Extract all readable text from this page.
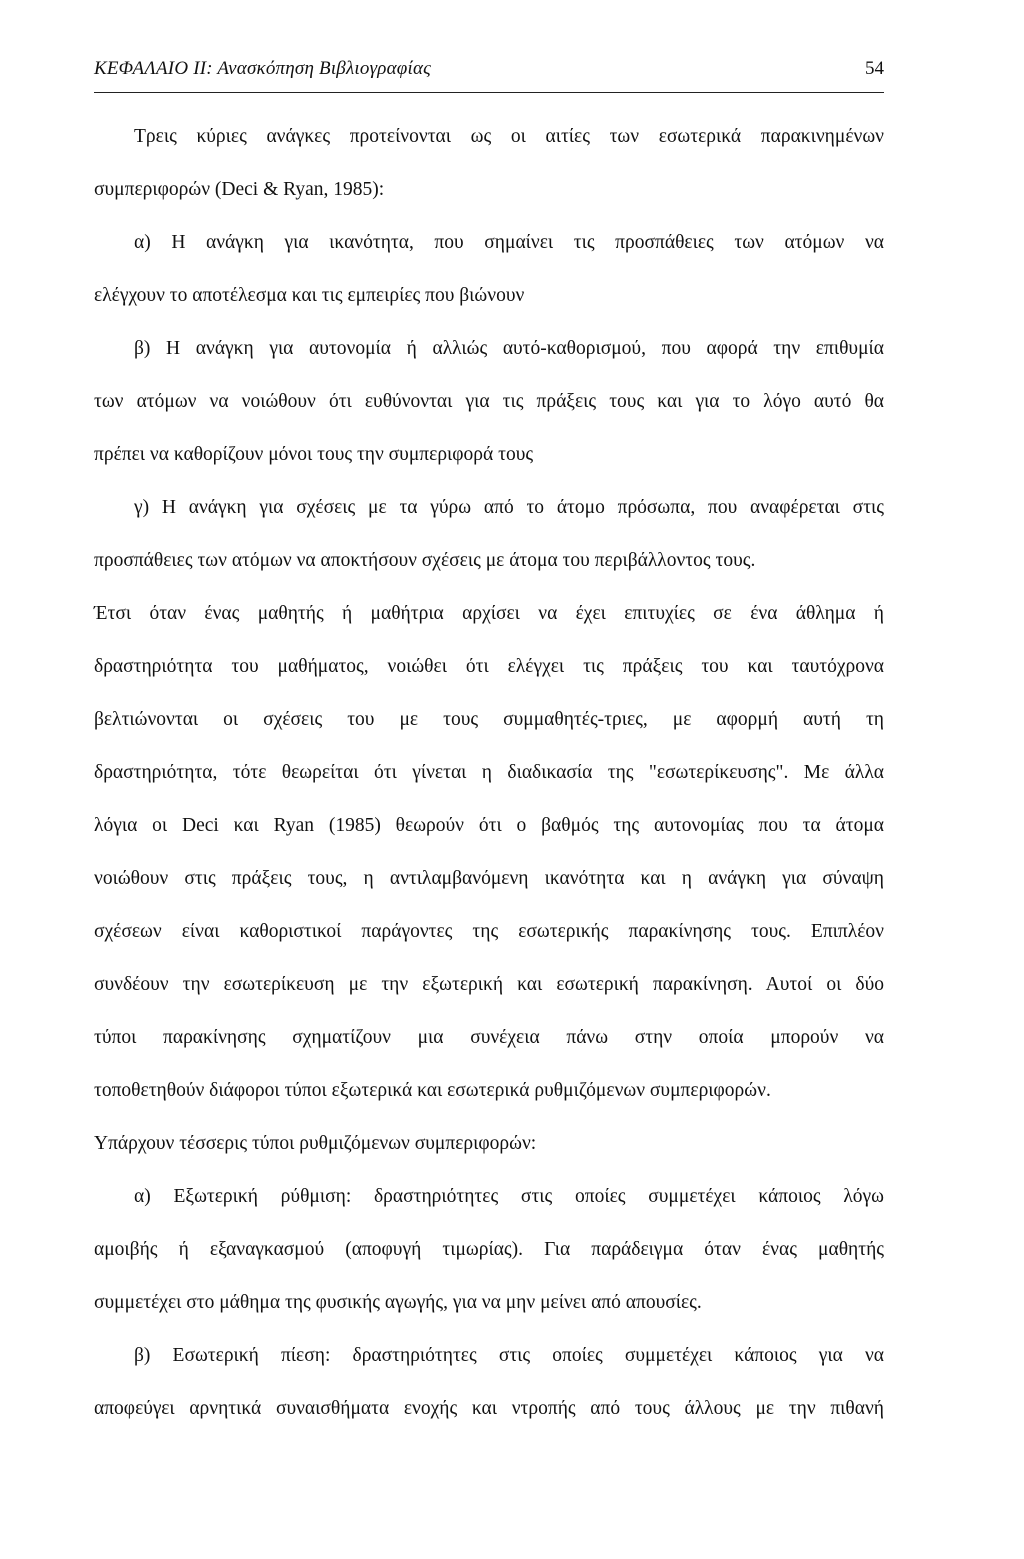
ΚΕΦΑΛΑΙΟ ΙΙ: Ανασκόπηση Βιβλιογραφίας	54
Τρεις κύριες ανάγκες προτείνονται ως οι αιτίες των εσωτερικά παρακινημένων
συμπεριφορών (Deci & Ryan, 1985):
α) Η ανάγκη για ικανότητα, που σημαίνει τις προσπάθειες των ατόμων να
ελέγχουν το αποτέλεσμα και τις εμπειρίες που βιώνουν
β) Η ανάγκη για αυτονομία ή αλλιώς αυτό-καθορισμού, που αφορά την επιθυμία
των ατόμων να νοιώθουν ότι ευθύνονται για τις πράξεις τους και για το λόγο αυτό θα
πρέπει να καθορίζουν μόνοι τους την συμπεριφορά τους
γ) Η ανάγκη για σχέσεις με τα γύρω από το άτομο πρόσωπα, που αναφέρεται στις
προσπάθειες των ατόμων να αποκτήσουν σχέσεις με άτομα του περιβάλλοντος τους.
Έτσι όταν ένας μαθητής ή μαθήτρια αρχίσει να έχει επιτυχίες σε ένα άθλημα ή
δραστηριότητα του μαθήματος, νοιώθει ότι ελέγχει τις πράξεις του και ταυτόχρονα
βελτιώνονται οι σχέσεις του με τους συμμαθητές-τριες, με αφορμή αυτή τη
δραστηριότητα, τότε θεωρείται ότι γίνεται η διαδικασία της "εσωτερίκευσης". Με άλλα
λόγια οι Deci και Ryan (1985) θεωρούν ότι ο βαθμός της αυτονομίας που τα άτομα
νοιώθουν στις πράξεις τους, η αντιλαμβανόμενη ικανότητα και η ανάγκη για σύναψη
σχέσεων είναι καθοριστικοί παράγοντες της εσωτερικής παρακίνησης τους. Επιπλέον
συνδέουν την εσωτερίκευση με την εξωτερική και εσωτερική παρακίνηση. Αυτοί οι δύο
τύποι παρακίνησης σχηματίζουν μια συνέχεια πάνω στην οποία μπορούν να
τοποθετηθούν διάφοροι τύποι εξωτερικά και εσωτερικά ρυθμιζόμενων συμπεριφορών.
Υπάρχουν τέσσερις τύποι ρυθμιζόμενων συμπεριφορών:
α) Εξωτερική ρύθμιση: δραστηριότητες στις οποίες συμμετέχει κάποιος λόγω
αμοιβής ή εξαναγκασμού (αποφυγή τιμωρίας). Για παράδειγμα όταν ένας μαθητής
συμμετέχει στο μάθημα της φυσικής αγωγής, για να μην μείνει από απουσίες.
β) Εσωτερική πίεση: δραστηριότητες στις οποίες συμμετέχει κάποιος για να
αποφεύγει αρνητικά συναισθήματα ενοχής και ντροπής από τους άλλους με την πιθανή
